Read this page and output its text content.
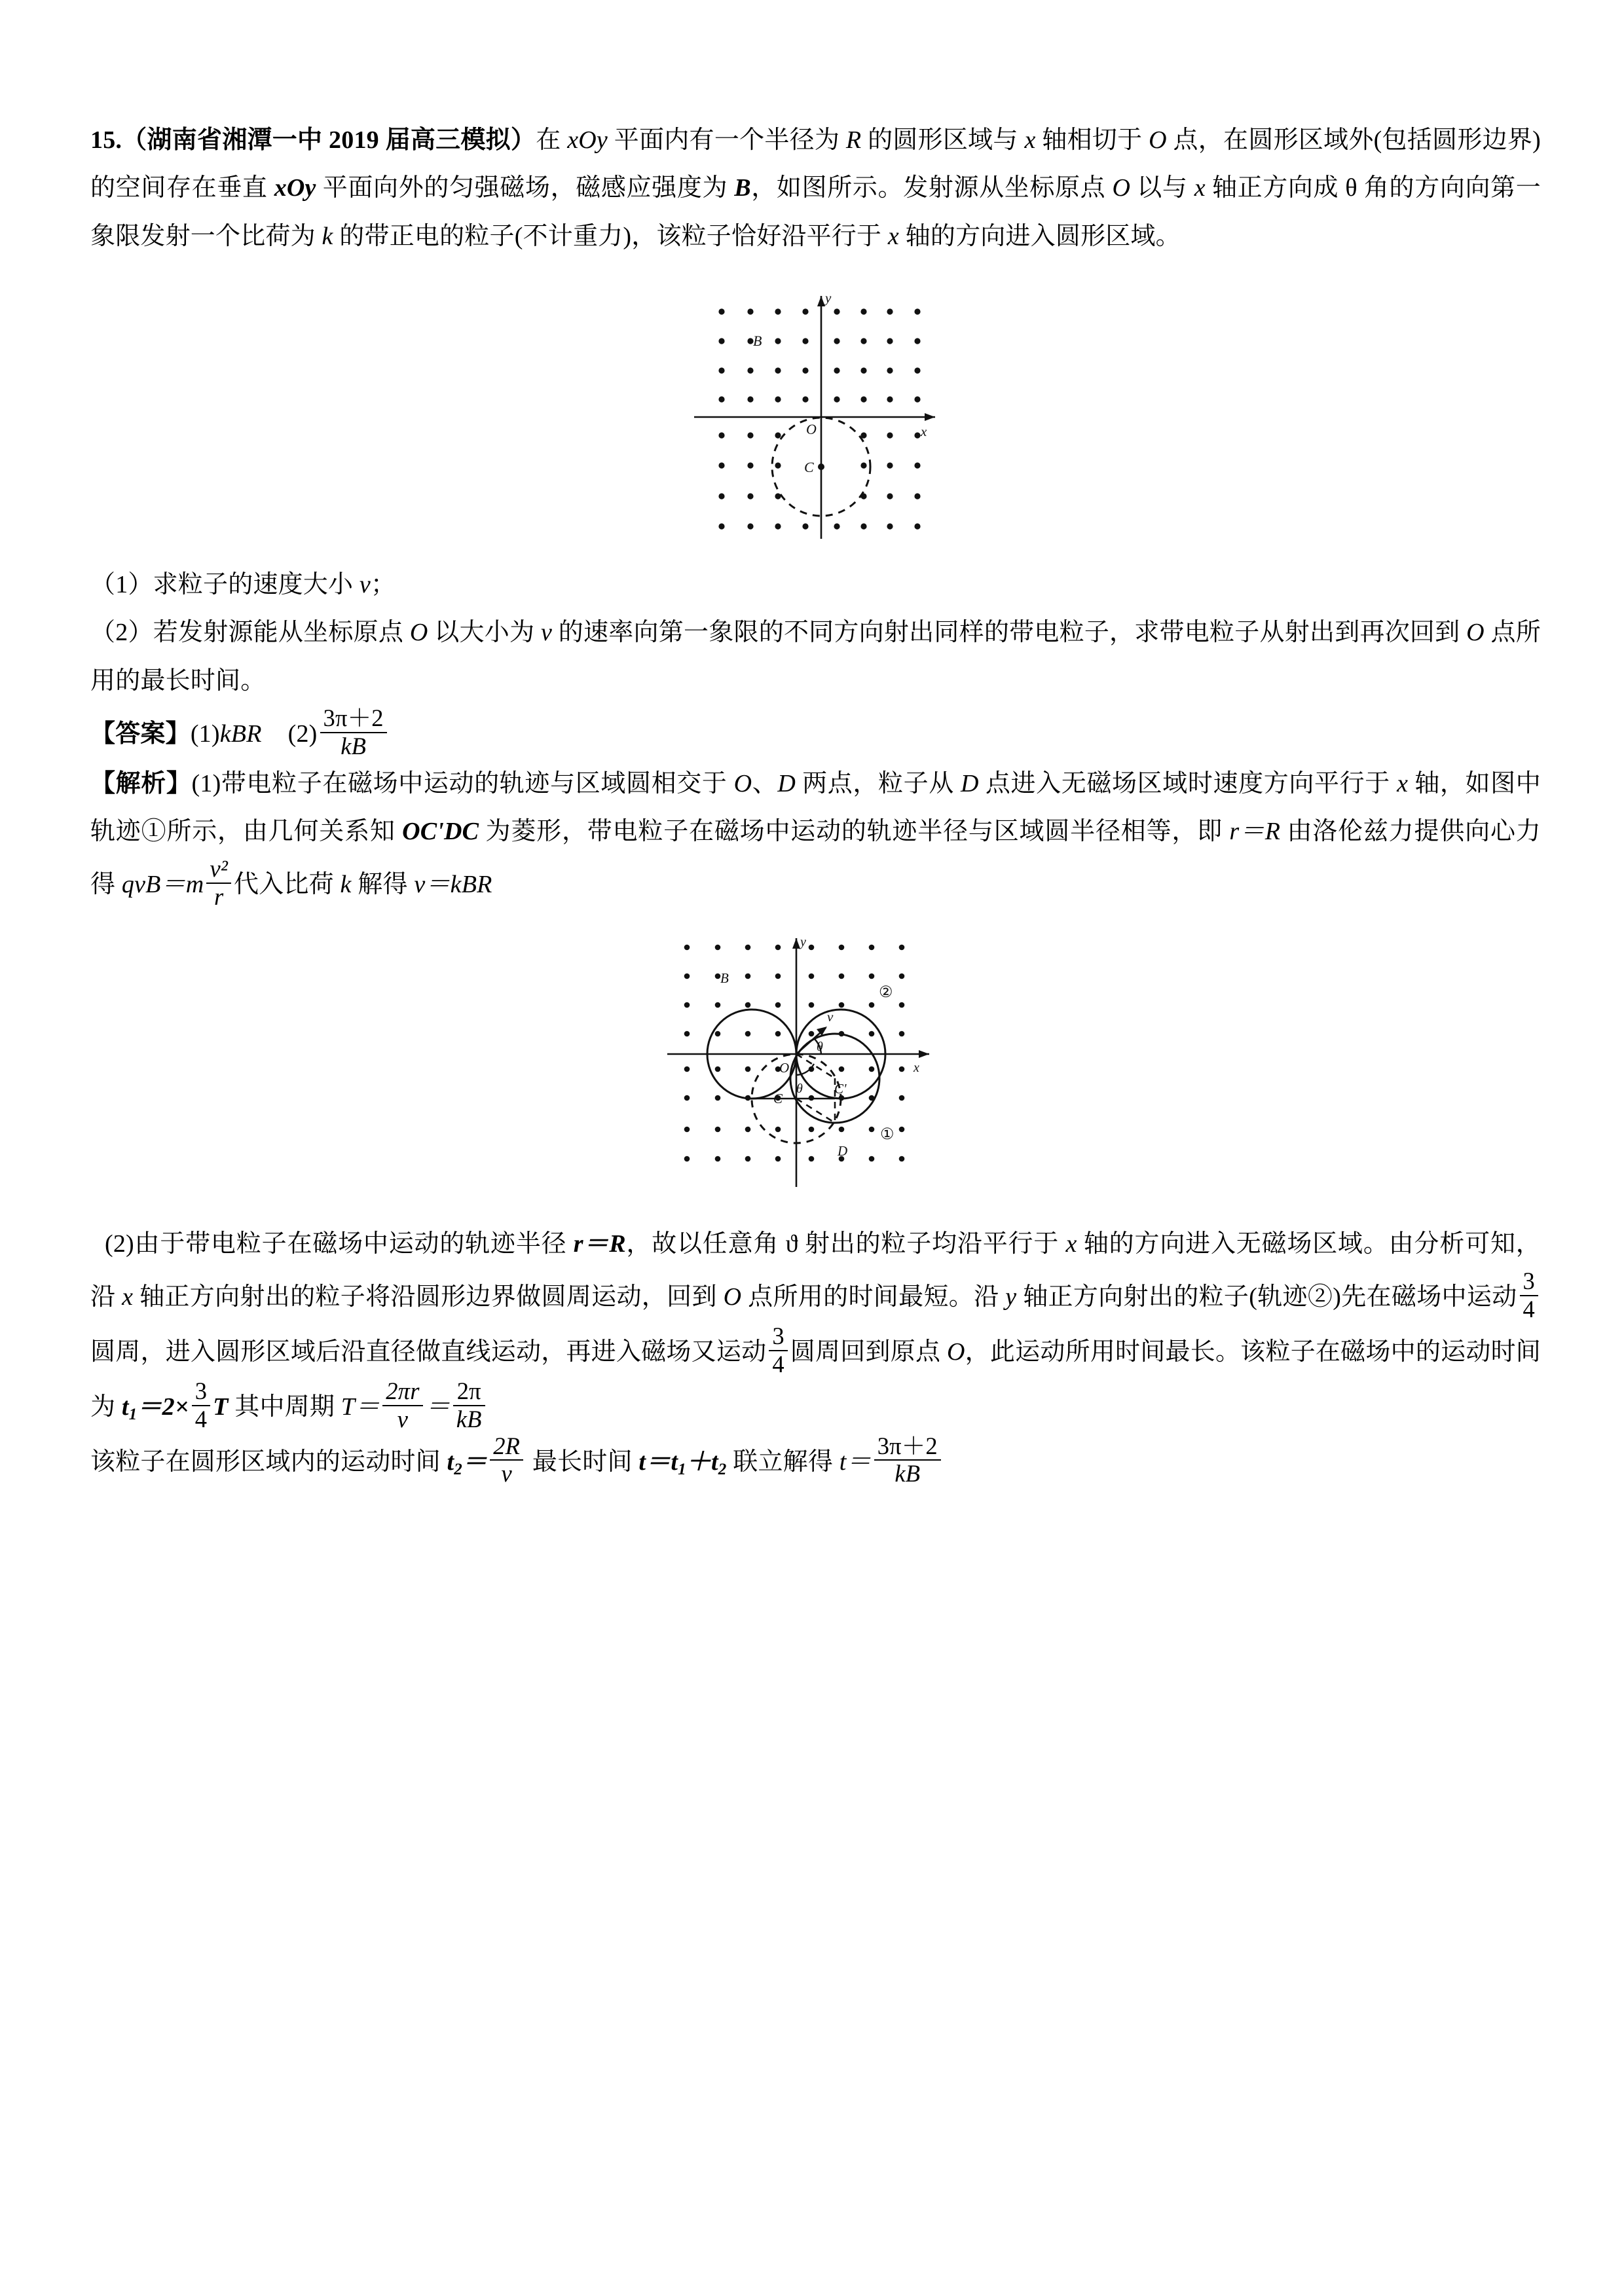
15.（湖南省湘潭一中 2019 届高三模拟）在 xOy 平面内有一个半径为 R 的圆形区域与 x 轴相切于 O 点，在圆形区域外(包括圆形边界)的空间存在垂直 xOy 平面向外的匀强磁场，磁感应强度为 B，如图所示。发射源从坐标原点 O 以与 x 轴正方向成 θ 角的方向向第一象限发射一个比荷为 k 的带正电的粒子(不计重力)，该粒子恰好沿平行于 x 轴的方向进入圆形区域。

x
y
B
O
C

（1）求粒子的速度大小 v；

（2）若发射源能从坐标原点 O 以大小为 v 的速率向第一象限的不同方向射出同样的带电粒子，求带电粒子从射出到再次回到 O 点所用的最长时间。

【答案】(1)kBR $(2) \frac{3\pi+2}{kB}$

【解析】(1)带电粒子在磁场中运动的轨迹与区域圆相交于 O、D 两点，粒子从 D 点进入无磁场区域时速度方向平行于 x 轴，如图中轨迹①所示，由几何关系知 OC'DC 为菱形，带电粒子在磁场中运动的轨迹半径与区域圆半径相等，即 r＝R 由洛伦兹力提供向心力得 $qvB=m \frac{\text{v²}}{r}$ 代入比荷 k 解得 v＝kBR

x
y
B
O
C
C'
D
v
θ
θ
②
①

(2)由于带电粒子在磁场中运动的轨迹半径 r＝R，故以任意角 ϑ 射出的粒子均沿平行于 x 轴的方向进入无磁场区域。由分析可知，沿 x 轴正方向射出的粒子将沿圆形边界做圆周运动，回到 O 点所用的时间最短。沿 y 轴正方向射出的粒子(轨迹②)先在磁场中运动 $\frac{3}{4}$
圆周，进入圆形区域后沿直径做直线运动，再进入磁场又运动 $\frac{3}{4}$ 圆周回到原点 O，此运动所用时间最长。该粒子在磁场中的运动时间为 $t_1=2\times \frac{3}{4}$ T 其中周期 $T= \frac{2\pi r}{v} = \frac{2\pi}{kB}$

该粒子在圆形区域内的运动时间 $t_2= \frac{2R}{v}$ 最长时间 $t=t_1+t_2$ 联立解得 $t= \frac{3\pi+2}{kB}$
